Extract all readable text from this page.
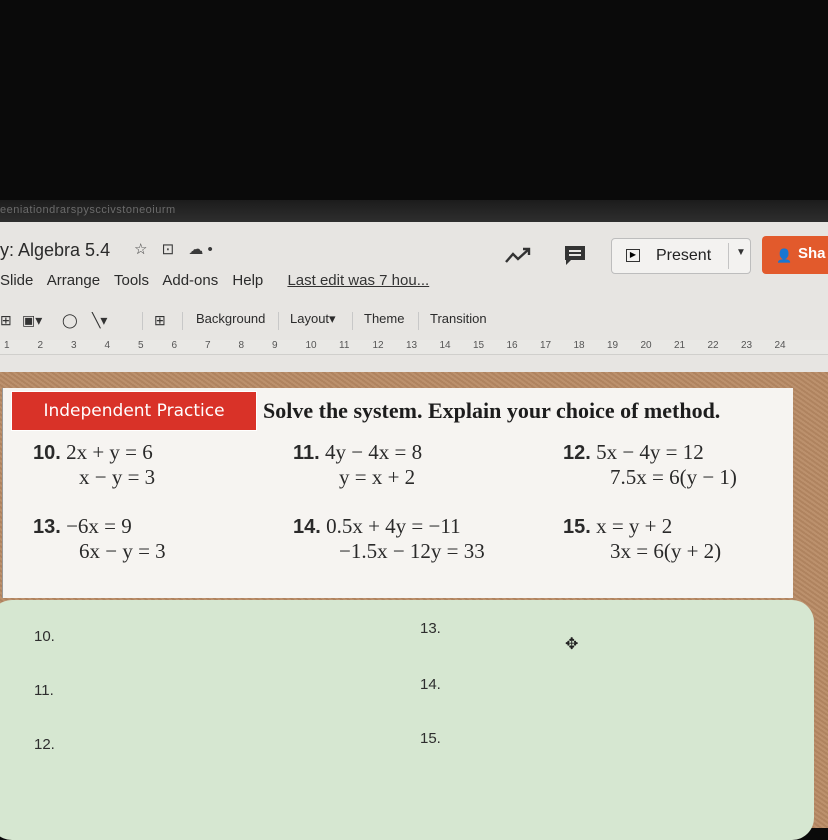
eeniationdrarspysccivstoneoiurm
y: Algebra 5.4 ☆ ⊡ ☁ •
Slide Arrange Tools Add-ons Help Last edit was 7 hou...
▶ Present ▼ 👤 Sha
⊞ ▣▾ ◯ ╲▾	⊞ Background Layout▾ Theme Transition
1	2	3	4	5	6	7	8	9	10 11 12 13 14 15 16 17 18 19 20 21 22 23 24
Independent Practice	Solve the system. Explain your choice of method.
10. 2x + y = 6
x − y = 3
11. 4y − 4x = 8
y = x + 2
12. 5x − 4y = 12
7.5x = 6(y − 1)
13. −6x = 9
6x − y = 3
14. 0.5x + 4y = −11
−1.5x − 12y = 33
15. x = y + 2
3x = 6(y + 2)
10.
11.
12.
13.
14.
15.
✥
